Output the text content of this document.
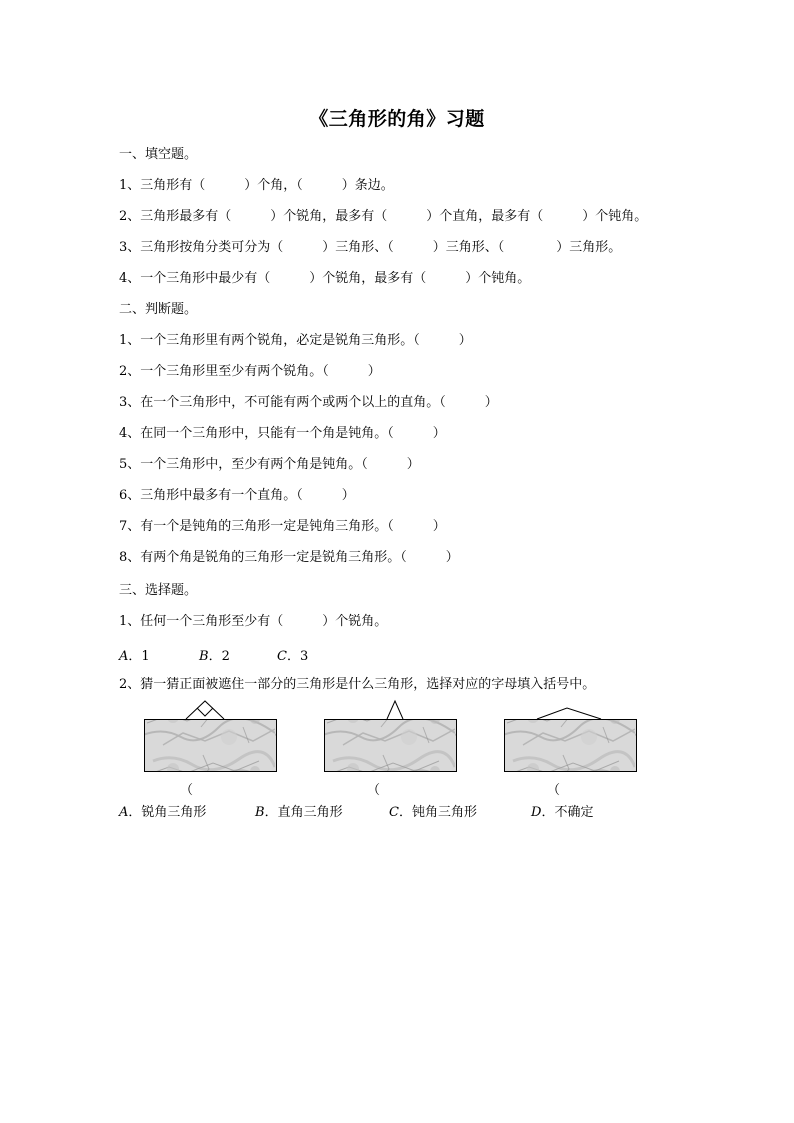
《三角形的角》习题
一、填空题。
1、三角形有（　　　）个角，（　　　）条边。
2、三角形最多有（　　　）个锐角，最多有（　　　）个直角，最多有（　　　）个钝角。
3、三角形按角分类可分为（　　　）三角形、（　　　）三角形、（　　　　）三角形。
4、一个三角形中最少有（　　　）个锐角，最多有（　　　）个钝角。
二、判断题。
1、一个三角形里有两个锐角，必定是锐角三角形。（　　　）
2、一个三角形里至少有两个锐角。（　　　）
3、在一个三角形中，不可能有两个或两个以上的直角。（　　　）
4、在同一个三角形中，只能有一个角是钝角。（　　　）
5、一个三角形中，至少有两个角是钝角。（　　　）
6、三角形中最多有一个直角。（　　　）
7、有一个是钝角的三角形一定是钝角三角形。（　　　）
8、有两个角是锐角的三角形一定是锐角三角形。（　　　）
三、选择题。
1、任何一个三角形至少有（　　　）个锐角。
A．1	B．2	C．3
2、猜一猜正面被遮住一部分的三角形是什么三角形，选择对应的字母填入括号中。
（	（	（
A．锐角三角形	B．直角三角形	C．钝角三角形	D．不确定
